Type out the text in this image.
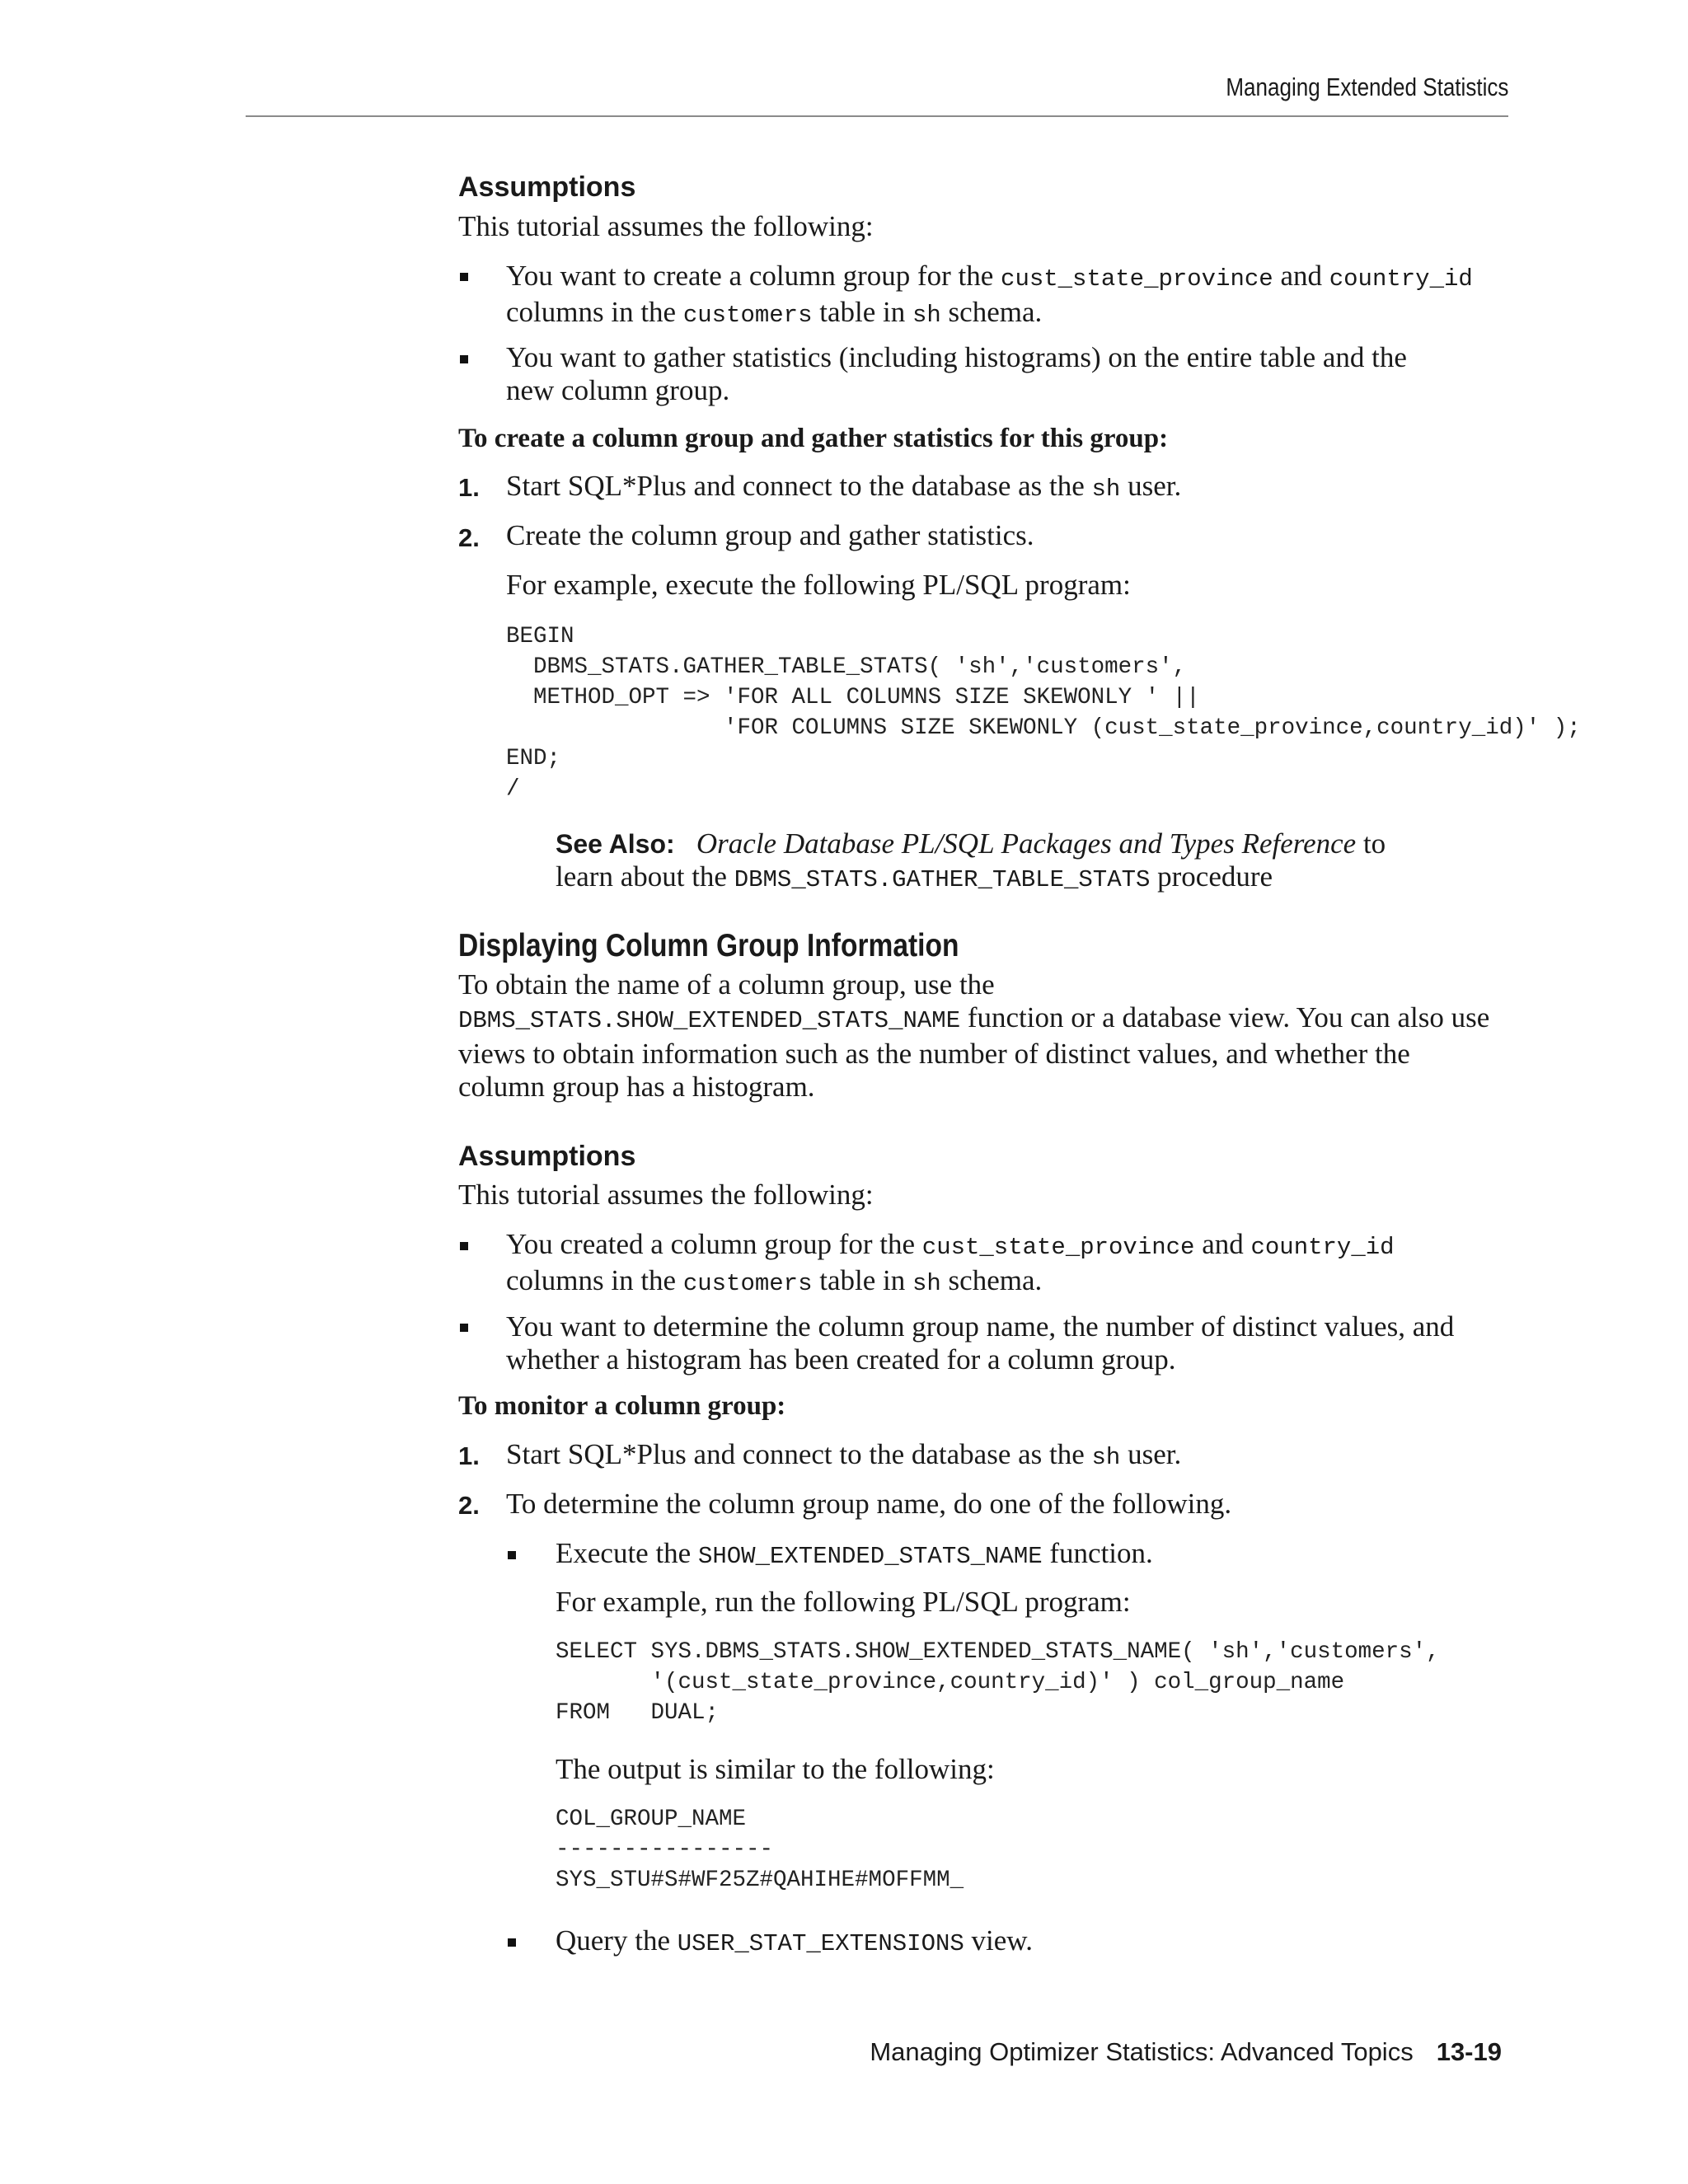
Managing Extended Statistics
Assumptions
This tutorial assumes the following:
You want to create a column group for the cust_state_province and country_id
columns in the customers table in sh schema.
You want to gather statistics (including histograms) on the entire table and the
new column group.
To create a column group and gather statistics for this group:
1. Start SQL*Plus and connect to the database as the sh user.
2. Create the column group and gather statistics.
For example, execute the following PL/SQL program:
BEGIN
DBMS_STATS.GATHER_TABLE_STATS( 'sh','customers',
METHOD_OPT => 'FOR ALL COLUMNS SIZE SKEWONLY ' ||
'FOR COLUMNS SIZE SKEWONLY (cust_state_province,country_id)' );
END;
/
See Also: Oracle Database PL/SQL Packages and Types Reference to
learn about the DBMS_STATS.GATHER_TABLE_STATS procedure
Displaying Column Group Information
To obtain the name of a column group, use the
DBMS_STATS.SHOW_EXTENDED_STATS_NAME function or a database view. You can also use
views to obtain information such as the number of distinct values, and whether the
column group has a histogram.
Assumptions
This tutorial assumes the following:
You created a column group for the cust_state_province and country_id
columns in the customers table in sh schema.
You want to determine the column group name, the number of distinct values, and
whether a histogram has been created for a column group.
To monitor a column group:
1. Start SQL*Plus and connect to the database as the sh user.
2. To determine the column group name, do one of the following.
Execute the SHOW_EXTENDED_STATS_NAME function.
For example, run the following PL/SQL program:
SELECT SYS.DBMS_STATS.SHOW_EXTENDED_STATS_NAME( 'sh','customers',
'(cust_state_province,country_id)' ) col_group_name
FROM   DUAL;
The output is similar to the following:
COL_GROUP_NAME
----------------
SYS_STU#S#WF25Z#QAHIHE#MOFFMM_
Query the USER_STAT_EXTENSIONS view.
Managing Optimizer Statistics: Advanced Topics 13-19
